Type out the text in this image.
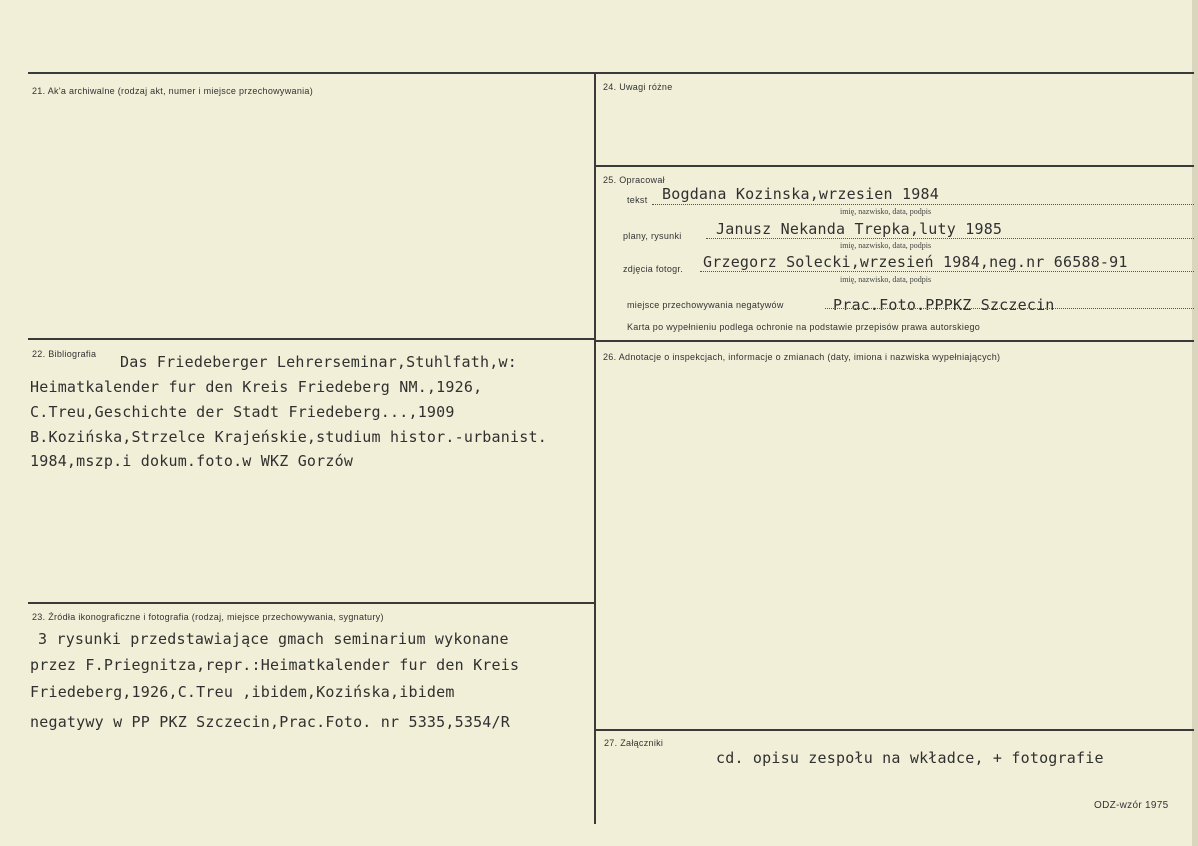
21. Ak'a archiwalne (rodzaj akt, numer i miejsce przechowywania)	24. Uwagi różne
25. Opracował
tekst Bogdana Kozinska,wrzesien 1984
imię, nazwisko, data, podpis
plany, rysunki Janusz Nekanda Trepka,luty 1985
imię, nazwisko, data, podpis
zdjęcia fotogr. Grzegorz Solecki,wrzesień 1984,neg.nr 66588-91
imię, nazwisko, data, podpis
miejsce przechowywania negatywów	Prac.Foto.PPPKZ Szczecin
Karta po wypełnieniu podlega ochronie na podstawie przepisów prawa autorskiego
22. Bibliografia Das Friedeberger Lehrerseminar,Stuhlfath,w:
Heimatkalender fur den Kreis Friedeberg NM.,1926,
C.Treu,Geschichte der Stadt Friedeberg...,1909
B.Kozińska,Strzelce Krajeńskie,studium histor.-urbanist.
1984,mszp.i dokum.foto.w WKZ Gorzów
26. Adnotacje o inspekcjach, informacje o zmianach (daty, imiona i nazwiska wypełniających)
23. Źródła ikonograficzne i fotografia (rodzaj, miejsce przechowywania, sygnatury)
3 rysunki przedstawiające gmach seminarium wykonane
przez F.Priegnitza,repr.:Heimatkalender fur den Kreis
Friedeberg,1926,C.Treu ,ibidem,Kozińska,ibidem
negatywy w PP PKZ Szczecin,Prac.Foto. nr 5335,5354/R
27. Załączniki
cd. opisu zespołu na wkładce, + fotografie
ODZ-wzór 1975
